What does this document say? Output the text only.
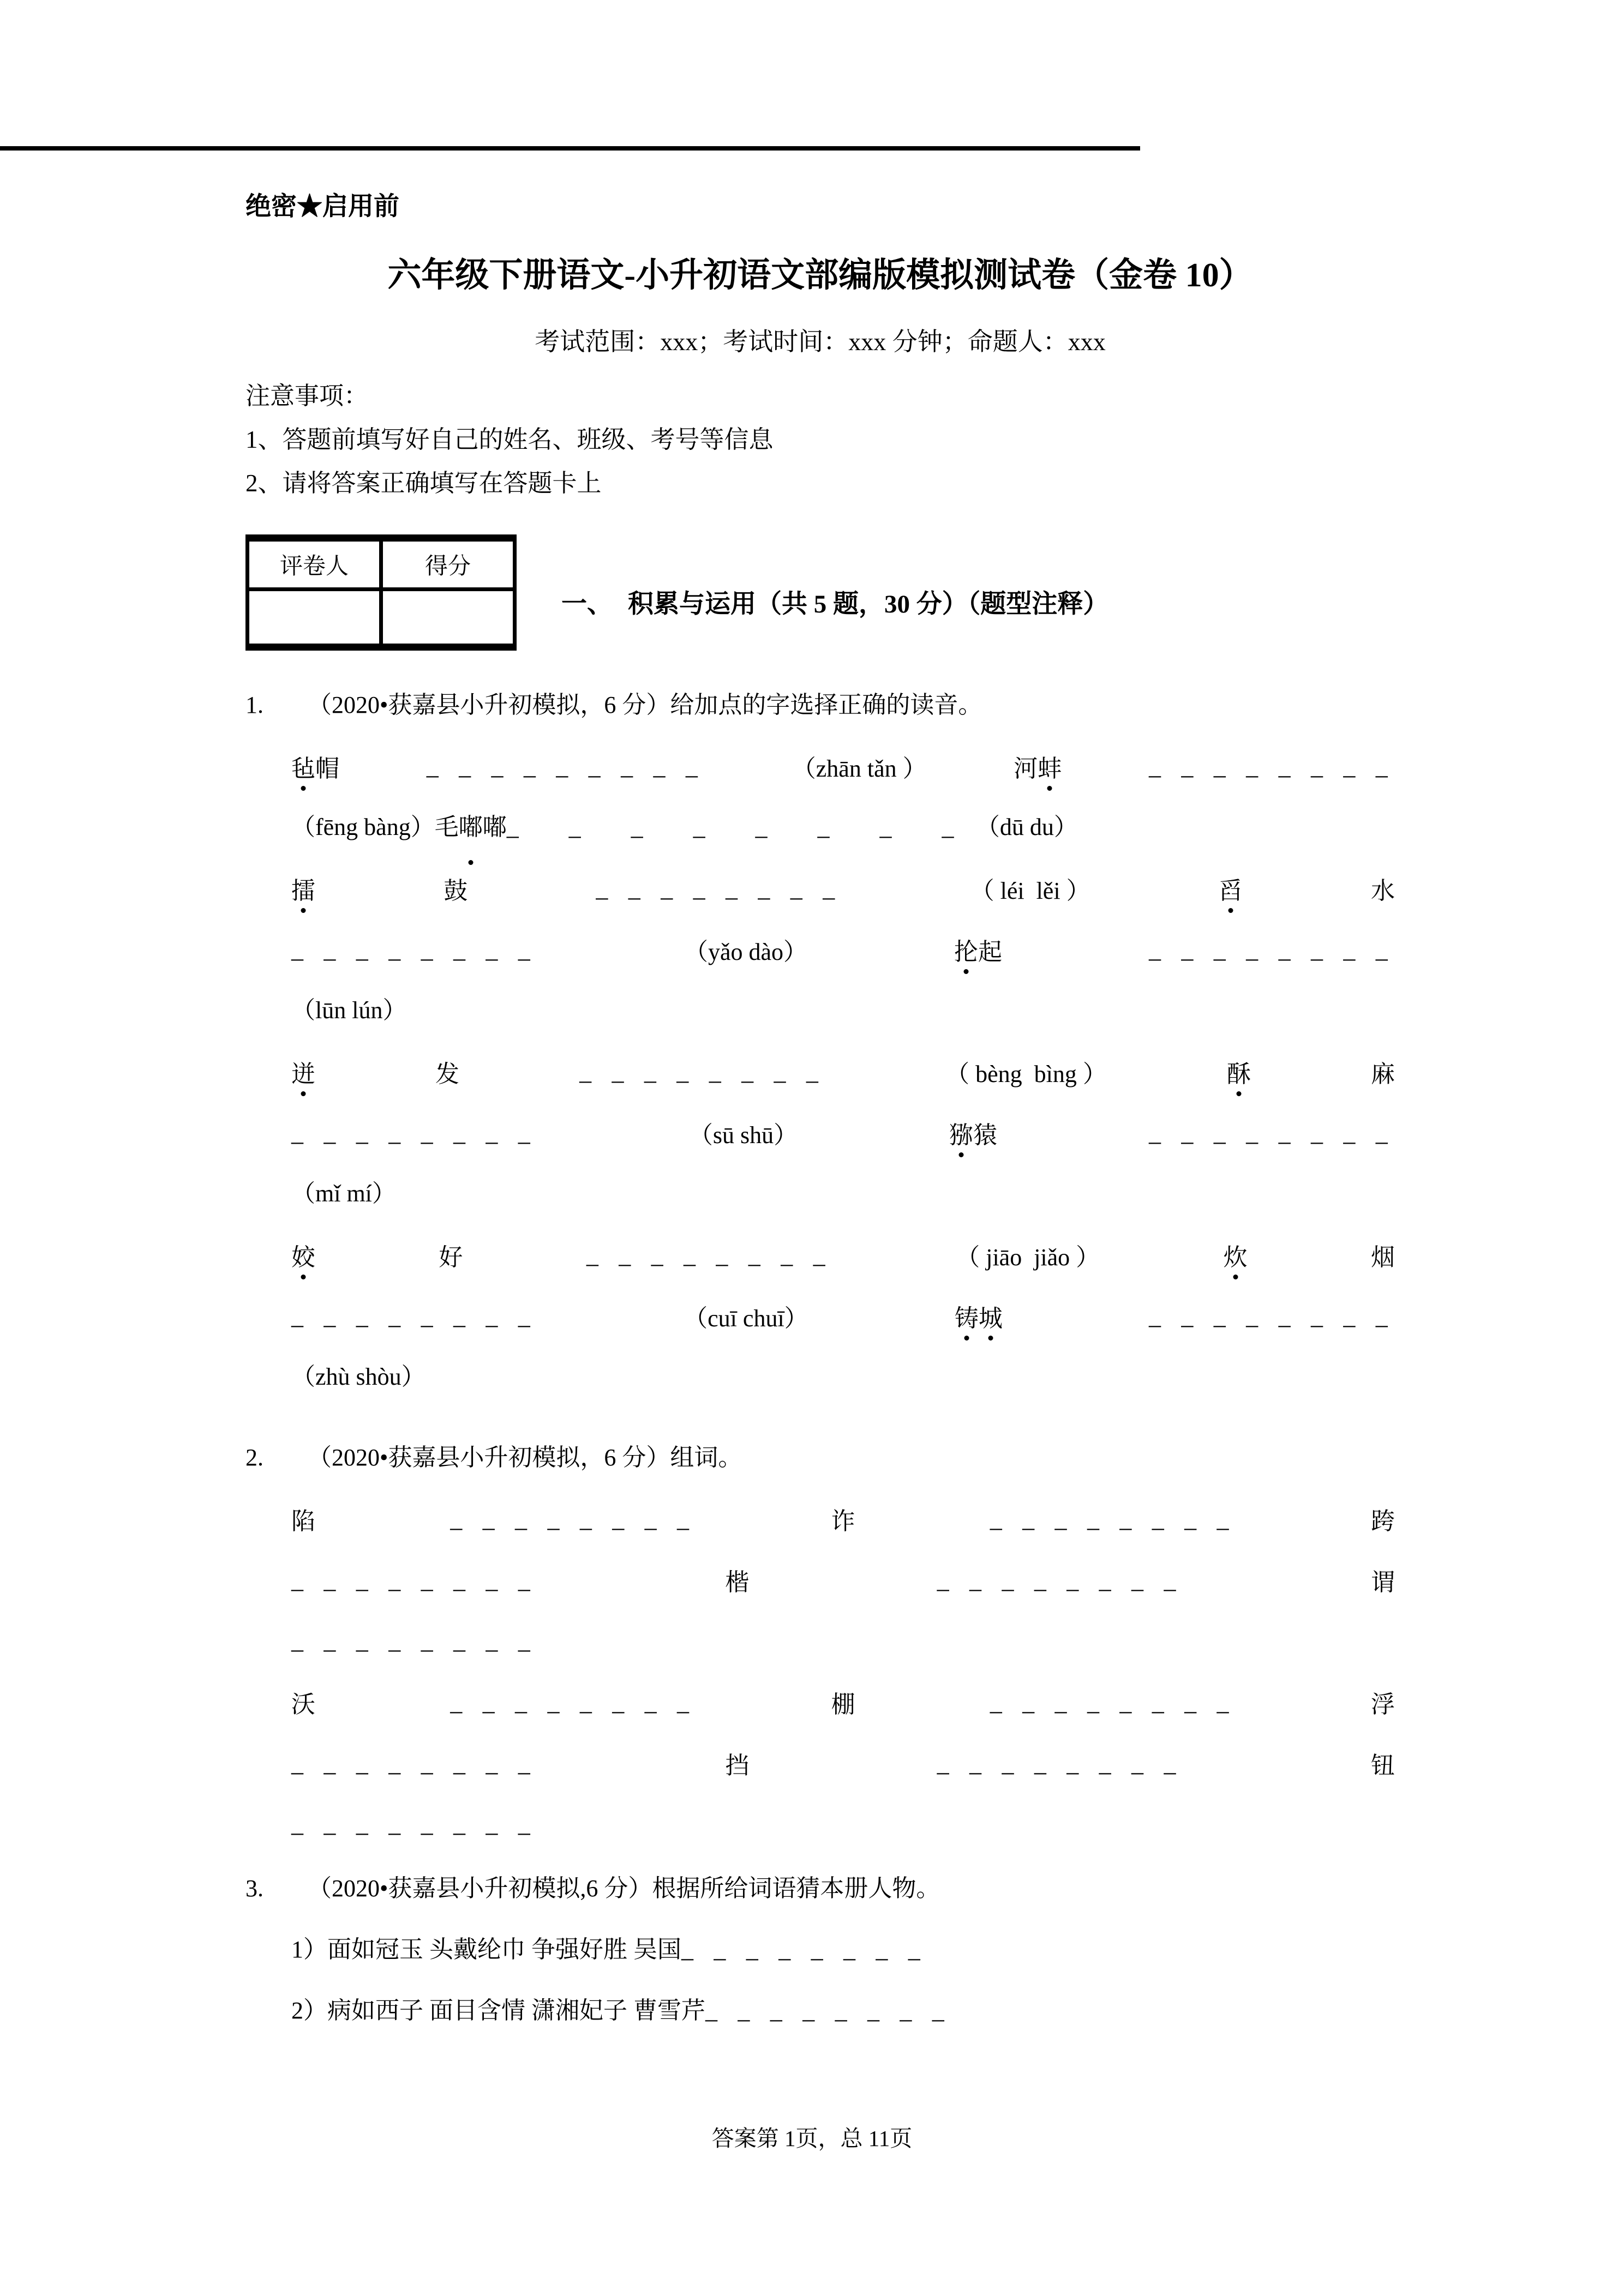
绝密★启用前
六年级下册语文-小升初语文部编版模拟测试卷（金卷 10）
考试范围：xxx；考试时间：xxx 分钟；命题人：xxx
注意事项：
1、答题前填写好自己的姓名、班级、考号等信息
2、请将答案正确填写在答题卡上
评卷人	得分

一、 积累与运用（共 5 题，30 分）（题型注释）
1.	（2020•获嘉县小升初模拟，6 分）给加点的字选择正确的读音。
毡帽	_ _ _ _ _ _ _ _ _	（zhān tǎn ）	河蚌	_ _ _ _ _ _ _ _
（fēng bàng）毛嘟嘟_ _ _ _ _ _ _ _（dū du）
擂	鼓	_ _ _ _ _ _ _ _	（ léi  lěi ）	舀	水
_ _ _ _ _ _ _ _	（yǎo dào）	抡起	_ _ _ _ _ _ _ _
（lūn lún）
迸	发	_ _ _ _ _ _ _ _	（ bèng  bìng ）	酥	麻
_ _ _ _ _ _ _ _	（sū shū）	猕猿	_ _ _ _ _ _ _ _
（mǐ mí）
姣	好	_ _ _ _ _ _ _ _	（ jiāo  jiǎo ）	炊	烟
_ _ _ _ _ _ _ _	（cuī chuī）	铸城	_ _ _ _ _ _ _ _
（zhù shòu）
2.	（2020•获嘉县小升初模拟，6 分）组词。
陷	_ _ _ _ _ _ _ _	诈	_ _ _ _ _ _ _ _	跨
_ _ _ _ _ _ _ _	楷	_ _ _ _ _ _ _ _	谓
_ _ _ _ _ _ _ _
沃	_ _ _ _ _ _ _ _	棚	_ _ _ _ _ _ _ _	浮
_ _ _ _ _ _ _ _	挡	_ _ _ _ _ _ _ _	钮
_ _ _ _ _ _ _ _
3.	（2020•获嘉县小升初模拟,6 分）根据所给词语猜本册人物。
1）面如冠玉 头戴纶巾 争强好胜 吴国_ _ _ _ _ _ _ _
2）病如西子 面目含情 潇湘妃子 曹雪芹_ _ _ _ _ _ _ _
答案第 1页，总 11页
